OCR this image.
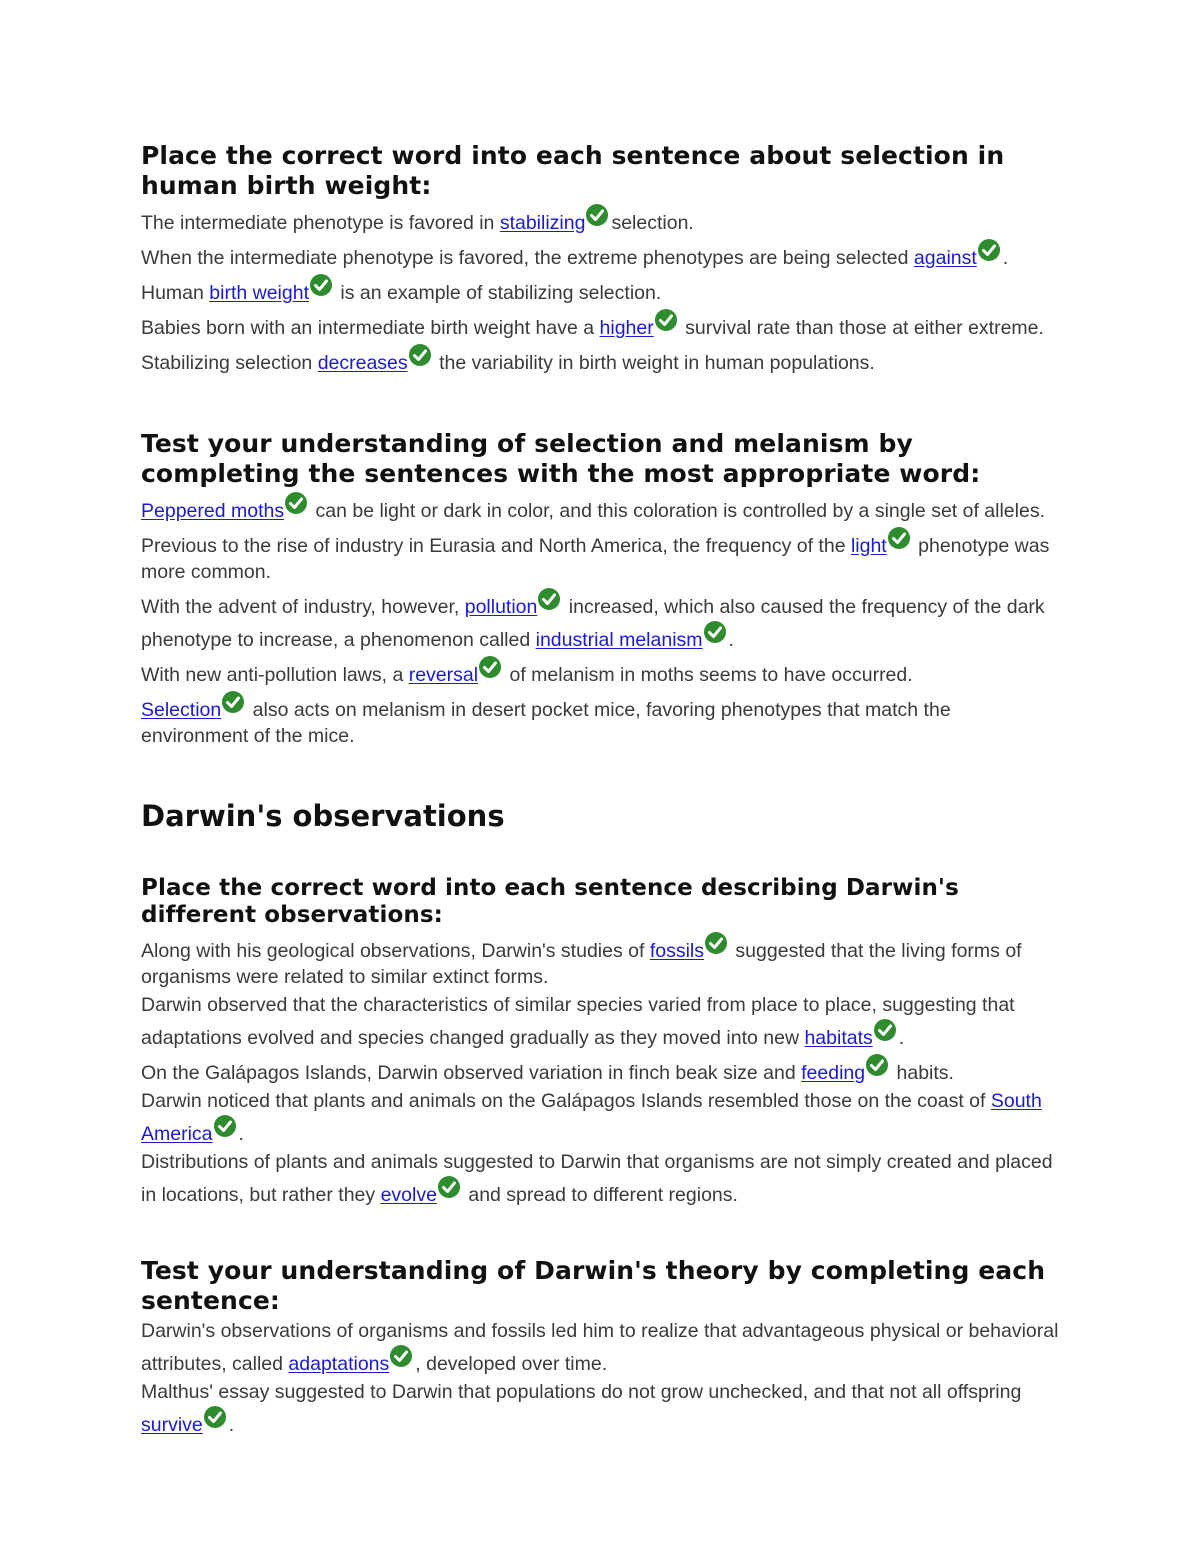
Place the correct word into each sentence about selection in human birth weight:

The intermediate phenotype is favored in stabilizing selection.

When the intermediate phenotype is favored, the extreme phenotypes are being selected against .

Human birth weight
is an example of stabilizing selection.

Babies born with an intermediate birth weight have a higher
survival rate than those at either extreme.

Stabilizing selection decreases
the variability in birth weight in human populations.

Test your understanding of selection and melanism by completing the sentences with the most appropriate word:

Peppered moths
can be light or dark in color, and this coloration is controlled by a single set of alleles.

Previous to the rise of industry in Eurasia and North America, the frequency of the light
phenotype was more common.

With the advent of industry, however, pollution
increased, which also caused the frequency of the dark phenotype to increase, a phenomenon called industrial melanism .

With new anti-pollution laws, a reversal
of melanism in moths seems to have occurred.

Selection
also acts on melanism in desert pocket mice, favoring phenotypes that match the environment of the mice.

Darwin's observations
Place the correct word into each sentence describing Darwin's different observations:

Along with his geological observations, Darwin's studies of fossils
suggested that the living forms of organisms were related to similar extinct forms.

Darwin observed that the characteristics of similar species varied from place to place, suggesting that adaptations evolved and species changed gradually as they moved into new habitats .

On the Galápagos Islands, Darwin observed variation in finch beak size and feeding
habits.

Darwin noticed that plants and animals on the Galápagos Islands resembled those on the coast of South America .

Distributions of plants and animals suggested to Darwin that organisms are not simply created and placed in locations, but rather they evolve
and spread to different regions.

Test your understanding of Darwin's theory by completing each sentence:

Darwin's observations of organisms and fossils led him to realize that advantageous physical or behavioral attributes, called adaptations , developed over time.

Malthus' essay suggested to Darwin that populations do not grow unchecked, and that not all offspring survive .
